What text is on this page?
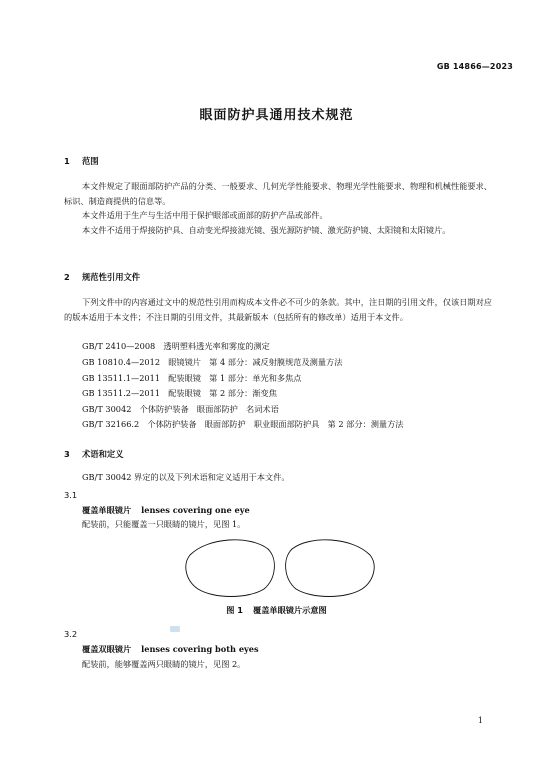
GB 14866—2023
眼面防护具通用技术规范
1 范围
本文件规定了眼面部防护产品的分类、一般要求、几何光学性能要求、物理光学性能要求、物理和机械性能要求、标识、制造商提供的信息等。
本文件适用于生产与生活中用于保护眼部或面部的防护产品或部件。
本文件不适用于焊接防护具、自动变光焊接滤光镜、强光源防护镜、激光防护镜、太阳镜和太阳镜片。
2 规范性引用文件
下列文件中的内容通过文中的规范性引用而构成本文件必不可少的条款。其中，注日期的引用文件，仅该日期对应的版本适用于本文件；不注日期的引用文件，其最新版本（包括所有的修改单）适用于本文件。
GB/T 2410—2008　透明塑料透光率和雾度的测定
GB 10810.4—2012　眼镜镜片　第 4 部分：减反射膜规范及测量方法
GB 13511.1—2011　配装眼镜　第 1 部分：单光和多焦点
GB 13511.2—2011　配装眼镜　第 2 部分：渐变焦
GB/T 30042　个体防护装备　眼面部防护　名词术语
GB/T 32166.2　个体防护装备　眼面部防护　职业眼面部防护具　第 2 部分：测量方法
3 术语和定义
GB/T 30042 界定的以及下列术语和定义适用于本文件。
3.1
覆盖单眼镜片 lenses covering one eye
配装前，只能覆盖一只眼睛的镜片，见图 1。
图 1 覆盖单眼镜片示意图
3.2
覆盖双眼镜片 lenses covering both eyes
配装前，能够覆盖两只眼睛的镜片，见图 2。
1
